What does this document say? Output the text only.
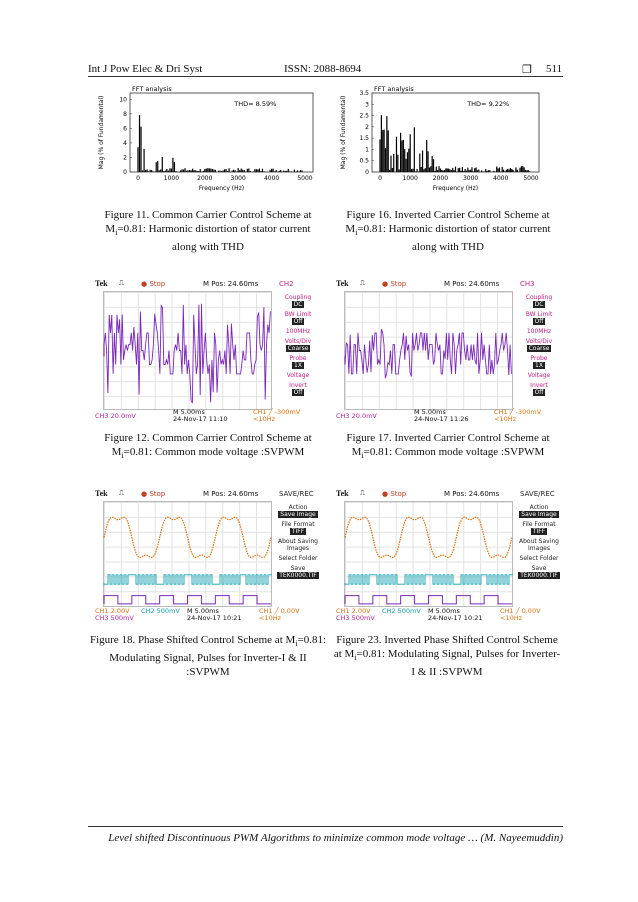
Int J Pow Elec & Dri Syst	ISSN: 2088-8694	❒ 511
FFT analysis
THD= 8.59%
0
2
4
6
8
10
0	1000	2000	3000	4000	5000
Frequency (Hz)
Mag (% of Fundamental)
FFT analysis
THD= 9.22%
0
0.5
1
1.5
2
2.5
3
3.5
0	1000 2000 3000 4000 5000
Frequency (Hz)
Mag (% of Fundamental)
Figure 11. Common Carrier Control Scheme at $M_i=0.81$: Harmonic distortion of stator current along with THD
Figure 16. Inverted Carrier Control Scheme at $M_i=0.81$: Harmonic distortion of stator current along with THD
Tek ⎍ ● Stop	M Pos: 24.60ms	CH2
Coupling
DC
BW Limit
Off
100MHz
Volts/Div
Coarse
Probe
1X
Voltage
Invert
Off
CH3 20.0mV	M 5.00ms
24-Nov-17 11:10
CH1 ╱ -300mV
<10Hz
Tek ⎍ ● Stop	M Pos: 24.60ms	CH3
Coupling
DC
BW Limit
Off
100MHz
Volts/Div
Coarse
Probe
1X
Voltage
Invert
Off
CH3 20.0mV	M 5.00ms
24-Nov-17 11:26
CH1 ╱ -300mV
<10Hz
Figure 12. Common Carrier Control Scheme at $M_i=0.81$: Common mode voltage :SVPWM
Figure 17. Inverted Carrier Control Scheme at $M_i=0.81$: Common mode voltage :SVPWM
Tek ⎍ ● Stop	M Pos: 24.60ms	SAVE/REC
Action
Save Image
File Format
TIFF
About Saving Images
Select Folder
Save
TEK0000.TIF
CH1 2.00V CH2 500mV
CH3 500mV
M 5.00ms
24-Nov-17 10:21
CH1 ╱ 0.00V
<10Hz
Tek ⎍ ● Stop	M Pos: 24.60ms	SAVE/REC
Action
Save Image
File Format
TIFF
About Saving Images
Select Folder
Save
TEK0000.TIF
CH1 2.00V CH2 500mV
CH3 500mV
M 5.00ms
24-Nov-17 10:21
CH1 ╱ 0.00V
<10Hz
Figure 18. Phase Shifted Control Scheme at $M_i=0.81$: Modulating Signal, Pulses for Inverter-I & II :SVPWM
Figure 23. Inverted Phase Shifted Control Scheme at $M_i=0.81$: Modulating Signal, Pulses for Inverter-I & II :SVPWM
Level shifted Discontinuous PWM Algorithms to minimize common mode voltage … (M. Nayeemuddin)
